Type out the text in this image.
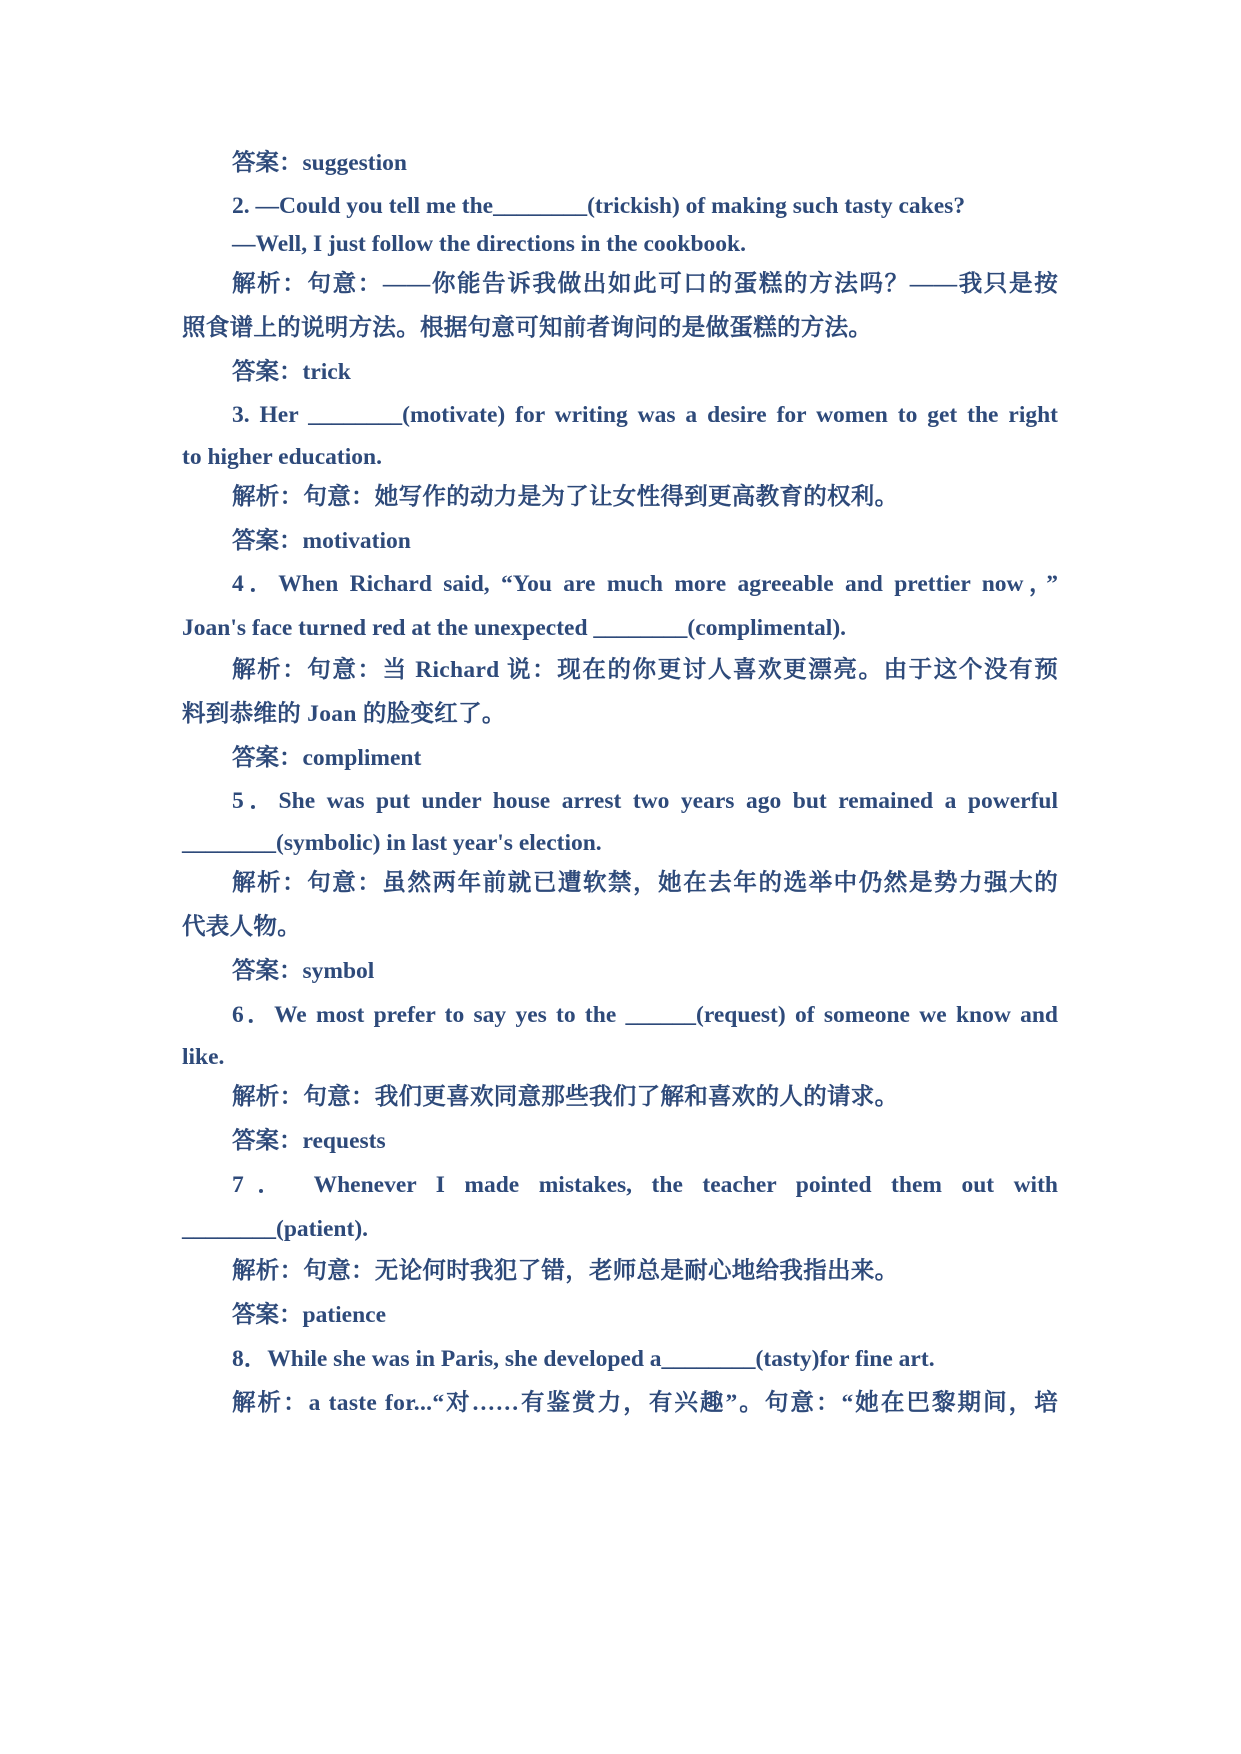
答案：suggestion
2. —Could you tell me the________(trickish) of making such tasty cakes?
—Well, I just follow the directions in the cookbook.
解析：句意：——你能告诉我做出如此可口的蛋糕的方法吗？——我只是按
照食谱上的说明方法。根据句意可知前者询问的是做蛋糕的方法。
答案：trick
3. Her ________(motivate) for writing was a desire for women to get the right
to higher education.
解析：句意：她写作的动力是为了让女性得到更高教育的权利。
答案：motivation
4．When Richard said, “You are much more agreeable and prettier now，”
Joan's face turned red at the unexpected ________(complimental).
解析：句意：当 Richard 说：现在的你更讨人喜欢更漂亮。由于这个没有预
料到恭维的 Joan 的脸变红了。
答案：compliment
5．She was put under house arrest two years ago but remained a powerful
________(symbolic) in last year's election.
解析：句意：虽然两年前就已遭软禁，她在去年的选举中仍然是势力强大的
代表人物。
答案：symbol
6．We most prefer to say yes to the ______(request) of someone we know and
like.
解析：句意：我们更喜欢同意那些我们了解和喜欢的人的请求。
答案：requests
7． Whenever I made mistakes, the teacher pointed them out with
________(patient).
解析：句意：无论何时我犯了错，老师总是耐心地给我指出来。
答案：patience
8．While she was in Paris, she developed a________(tasty)for fine art.
解析：a taste for...“对……有鉴赏力，有兴趣”。句意：“她在巴黎期间，培
